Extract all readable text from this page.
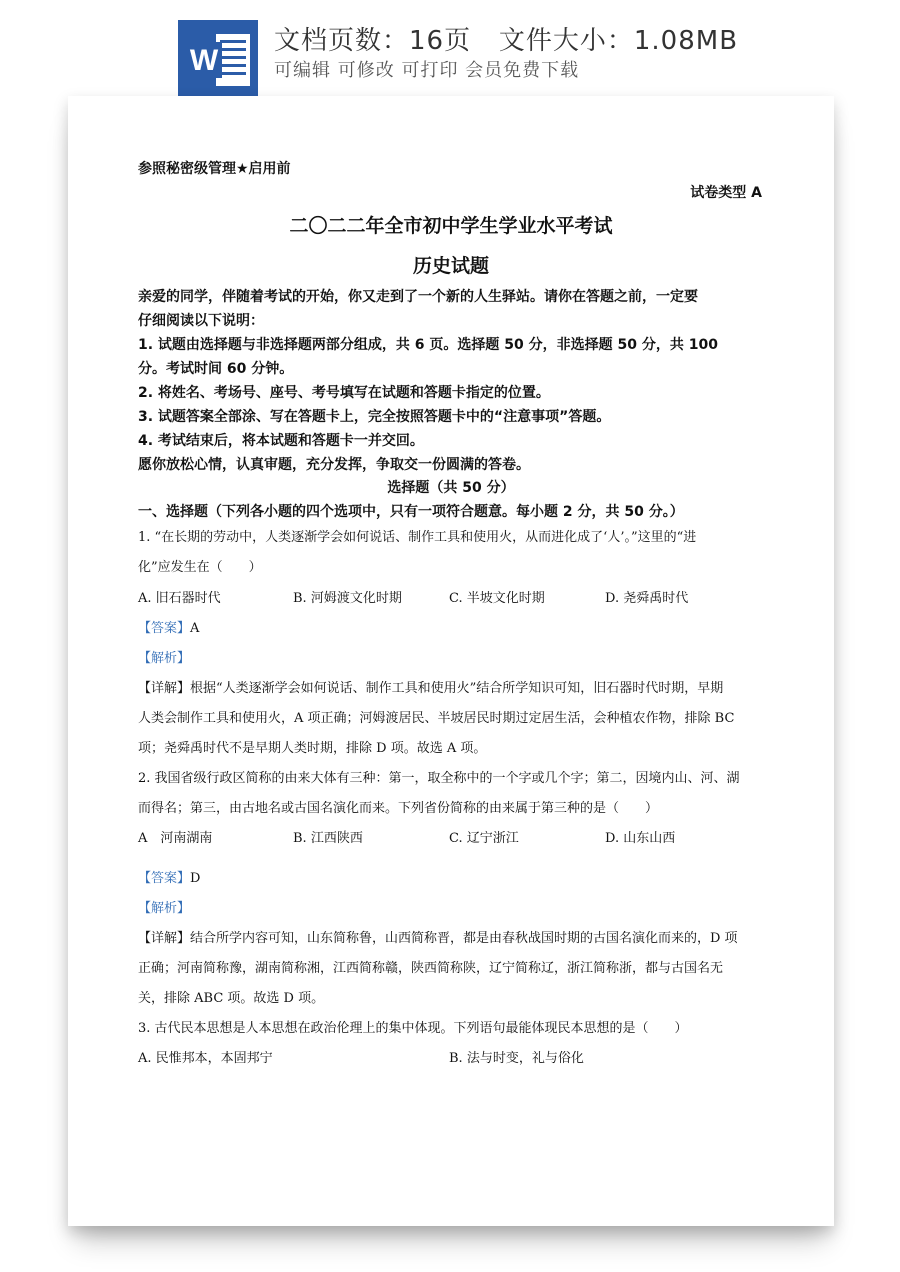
W
文档页数：16页   文件大小：1.08MB
可编辑 可修改 可打印 会员免费下载
参照秘密级管理★启用前
试卷类型 A
二〇二二年全市初中学生学业水平考试
历史试题
亲爱的同学，伴随着考试的开始，你又走到了一个新的人生驿站。请你在答题之前，一定要
仔细阅读以下说明：
1. 试题由选择题与非选择题两部分组成，共 6 页。选择题 50 分，非选择题 50 分，共 100
分。考试时间 60 分钟。
2. 将姓名、考场号、座号、考号填写在试题和答题卡指定的位置。
3. 试题答案全部涂、写在答题卡上，完全按照答题卡中的“注意事项”答题。
4. 考试结束后，将本试题和答题卡一并交回。
愿你放松心情，认真审题，充分发挥，争取交一份圆满的答卷。
选择题（共 50 分）
一、选择题（下列各小题的四个选项中，只有一项符合题意。每小题 2 分，共 50 分。）
1. “在长期的劳动中，人类逐渐学会如何说话、制作工具和使用火，从而进化成了‘人’。”这里的“进
化”应发生在（　　）
A. 旧石器时代	B. 河姆渡文化时期	C. 半坡文化时期	D. 尧舜禹时代
【答案】A
【解析】
【详解】根据“人类逐渐学会如何说话、制作工具和使用火”结合所学知识可知，旧石器时代时期，早期
人类会制作工具和使用火，A 项正确；河姆渡居民、半坡居民时期过定居生活，会种植农作物，排除 BC
项；尧舜禹时代不是早期人类时期，排除 D 项。故选 A 项。
2. 我国省级行政区简称的由来大体有三种：第一，取全称中的一个字或几个字；第二，因境内山、河、湖
而得名；第三，由古地名或古国名演化而来。下列省份简称的由来属于第三种的是（　　）
A　河南湖南	B. 江西陕西	C. 辽宁浙江	D. 山东山西
【答案】D
【解析】
【详解】结合所学内容可知，山东简称鲁，山西简称晋，都是由春秋战国时期的古国名演化而来的，D 项
正确；河南简称豫，湖南简称湘，江西简称赣，陕西简称陕，辽宁简称辽，浙江简称浙，都与古国名无
关，排除 ABC 项。故选 D 项。
3. 古代民本思想是人本思想在政治伦理上的集中体现。下列语句最能体现民本思想的是（　　）
A. 民惟邦本，本固邦宁	B. 法与时变，礼与俗化
